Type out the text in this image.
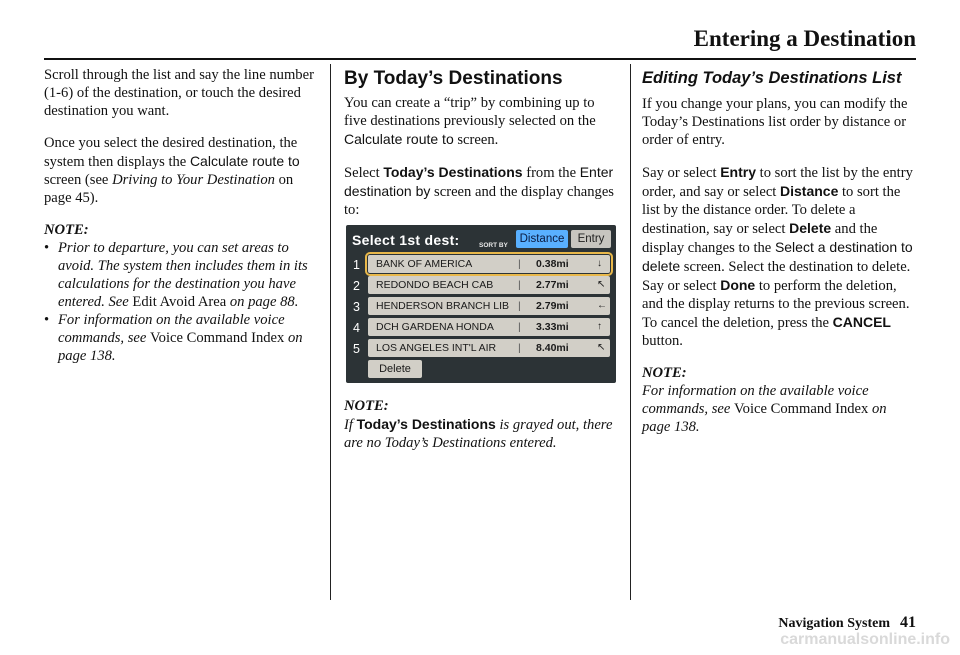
Entering a Destination

Scroll through the list and say the line number (1-6) of the destination, or touch the desired destination you want.

Once you select the desired destination, the system then displays the Calculate route to screen (see Driving to Your Destination on page 45).

NOTE:

• Prior to departure, you can set areas to avoid. The system then includes them in its calculations for the destination you have entered. See Edit Avoid Area on page 88.
• For information on the available voice commands, see Voice Command Index on page 138.
By Today’s Destinations

You can create a “trip” by combining up to five destinations previously selected on the Calculate route to screen.

Select Today’s Destinations from the Enter destination by screen and the display changes to:

Select 1st dest:	SORT BY
Distance	Entry
1	BANK OF AMERICA	| 0.38mi	↓
2	REDONDO BEACH CAB | 2.77mi	↖
3	HENDERSON BRANCH LIB | 2.79mi	←
4	DCH GARDENA HONDA | 3.33mi	↑
5	LOS ANGELES INT'L AIR | 8.40mi	↖
Delete

NOTE:

If Today’s Destinations is grayed out, there are no Today’s Destinations entered.

Editing Today’s Destinations List

If you change your plans, you can modify the Today’s Destinations list order by distance or order of entry.

Say or select Entry to sort the list by the entry order, and say or select Distance to sort the list by the distance order. To delete a destination, say or select Delete and the display changes to the Select a destination to delete screen. Select the destination to delete. Say or select Done to perform the deletion, and the display returns to the previous screen. To cancel the deletion, press the CANCEL button.

NOTE:

For information on the available voice commands, see Voice Command Index on page 138.

Navigation System 41
carmanualsonline.info
